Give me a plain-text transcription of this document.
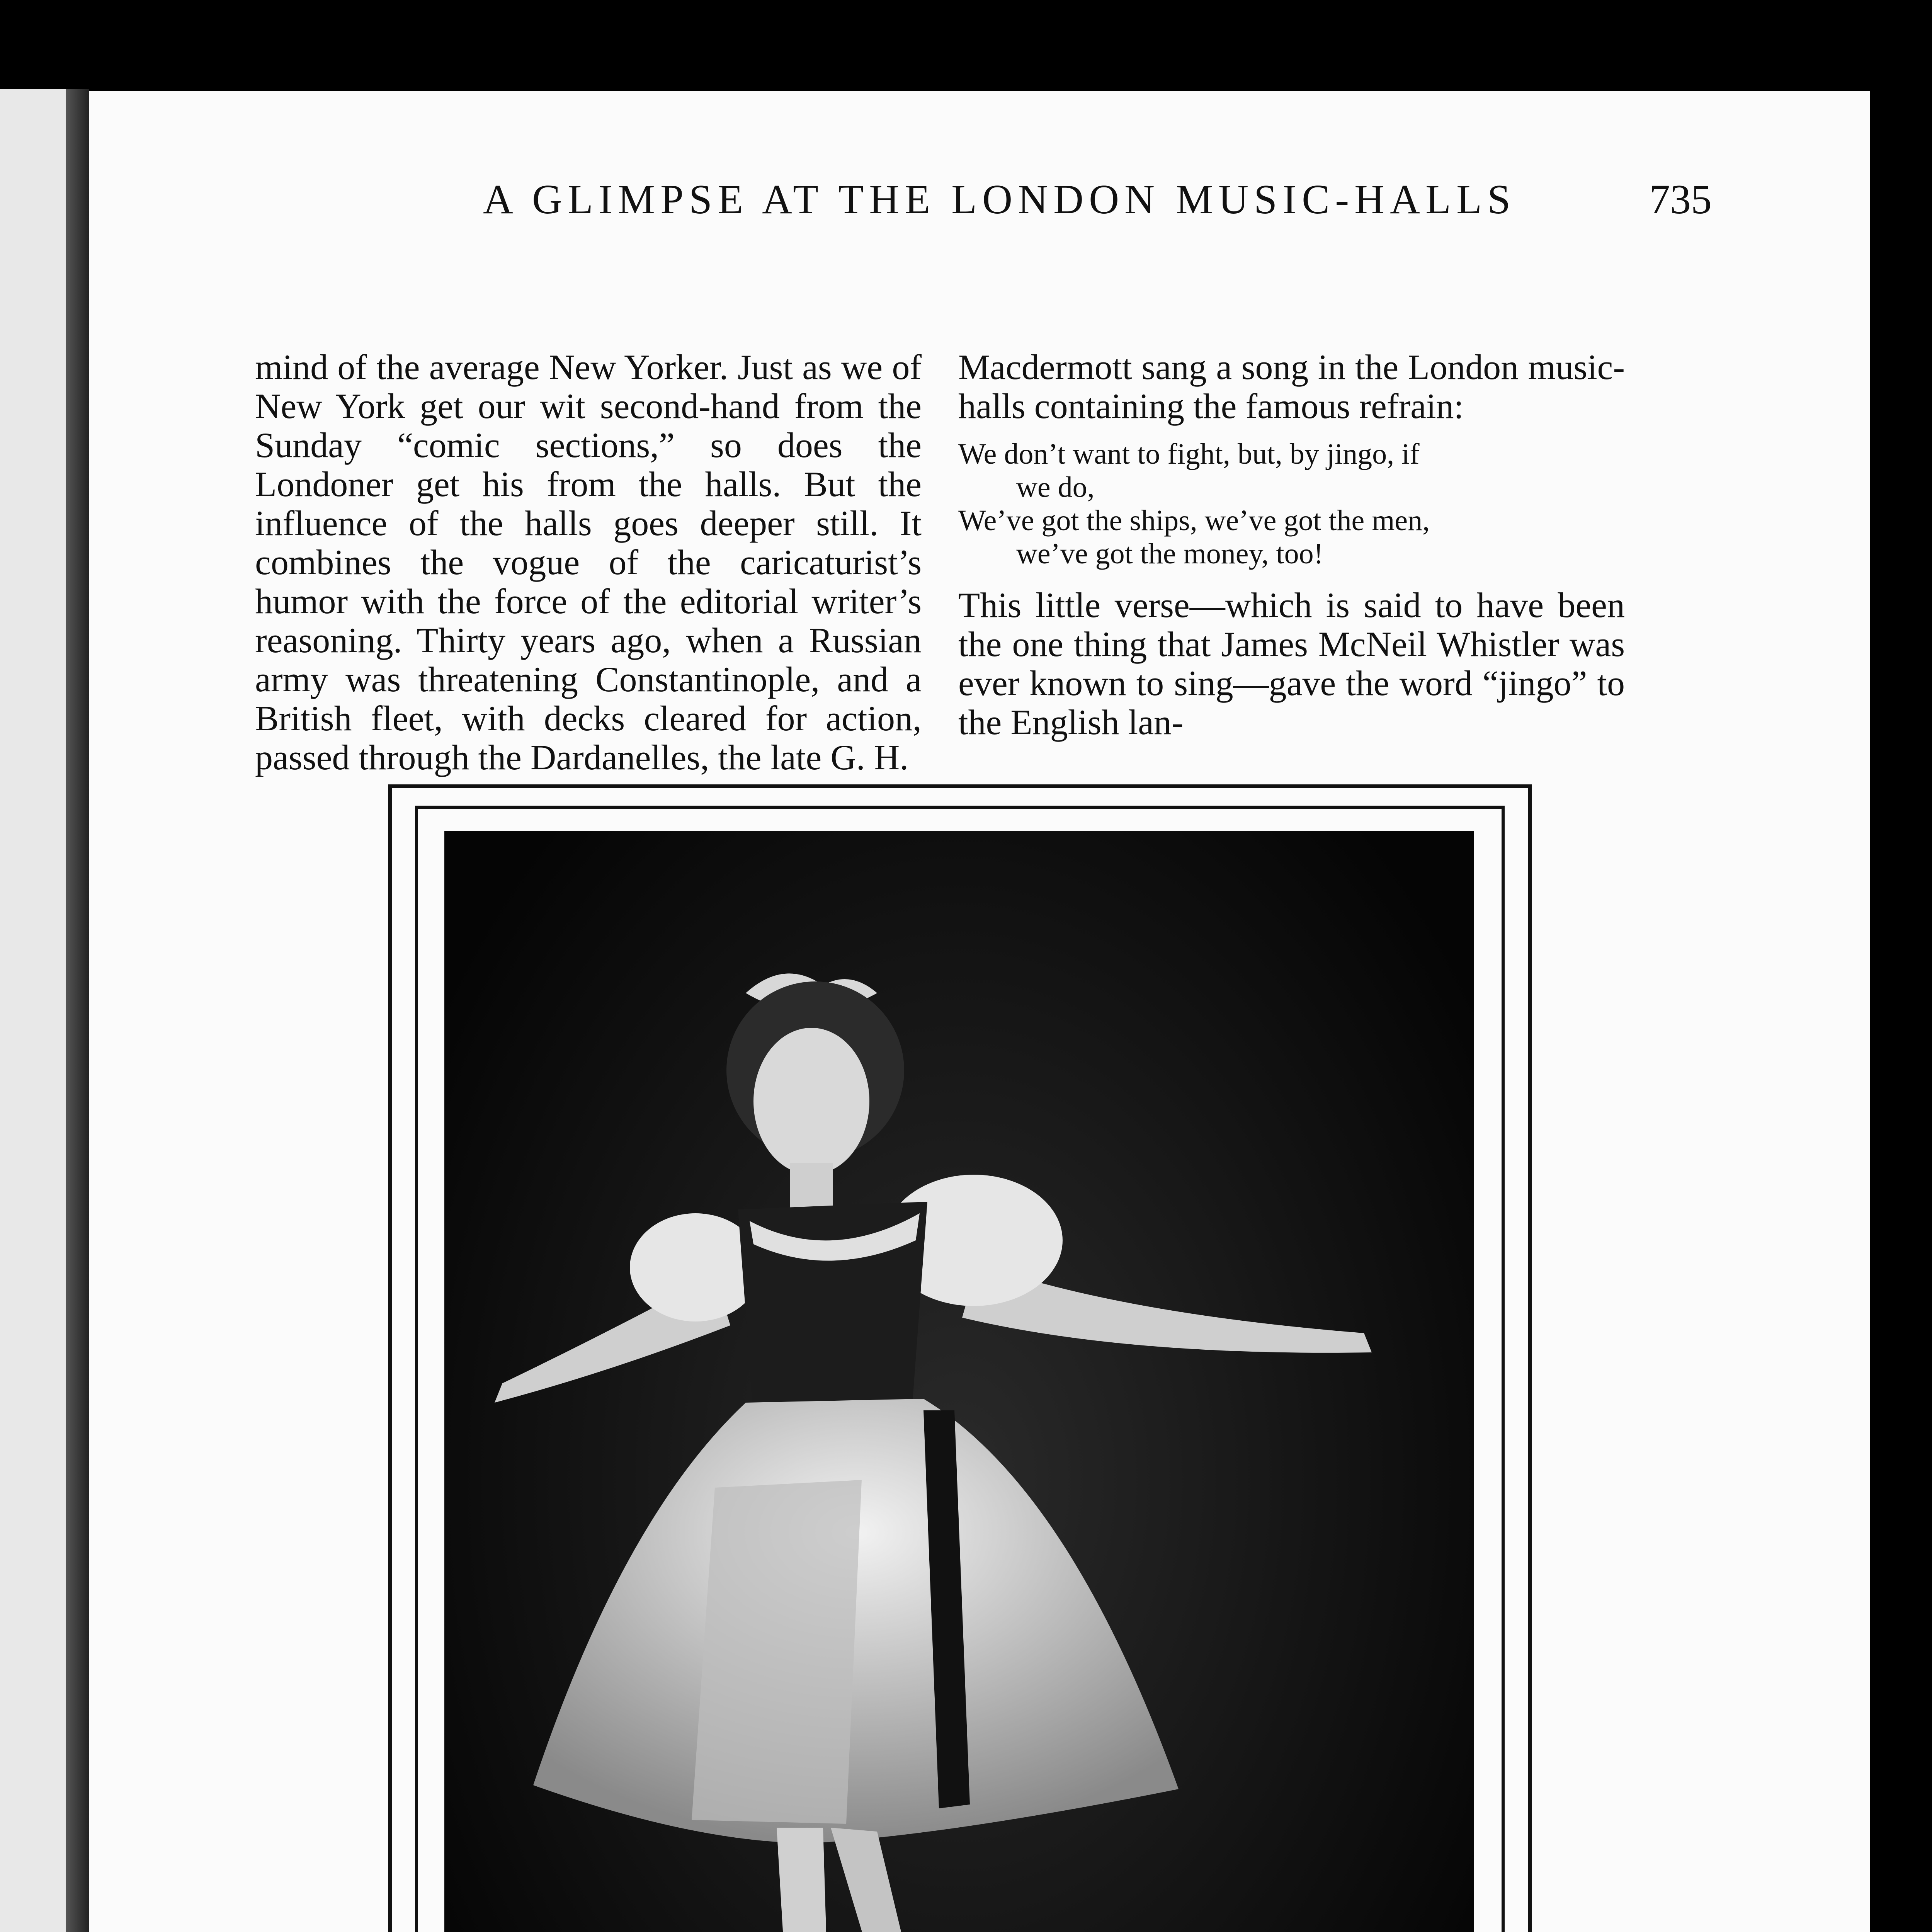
A GLIMPSE AT THE LONDON MUSIC-HALLS	735

mind of the average New Yorker. Just as we of New York get our wit second-hand from the Sunday “comic sections,” so does the Londoner get his from the halls. But the influence of the halls goes deeper still. It combines the vogue of the caricaturist’s humor with the force of the editorial writer’s reasoning. Thirty years ago, when a Russian army was threatening Constantinople, and a British fleet, with decks cleared for action, passed through the Dardanelles, the late G. H.

Macdermott sang a song in the London music-halls containing the famous refrain:

We don’t want to fight, but, by jingo, if
we do,
We’ve got the ships, we’ve got the men,
we’ve got the money, too!

This little verse—which is said to have been the one thing that James McNeil Whistler was ever known to sing—gave the word “jingo” to the English lan-
